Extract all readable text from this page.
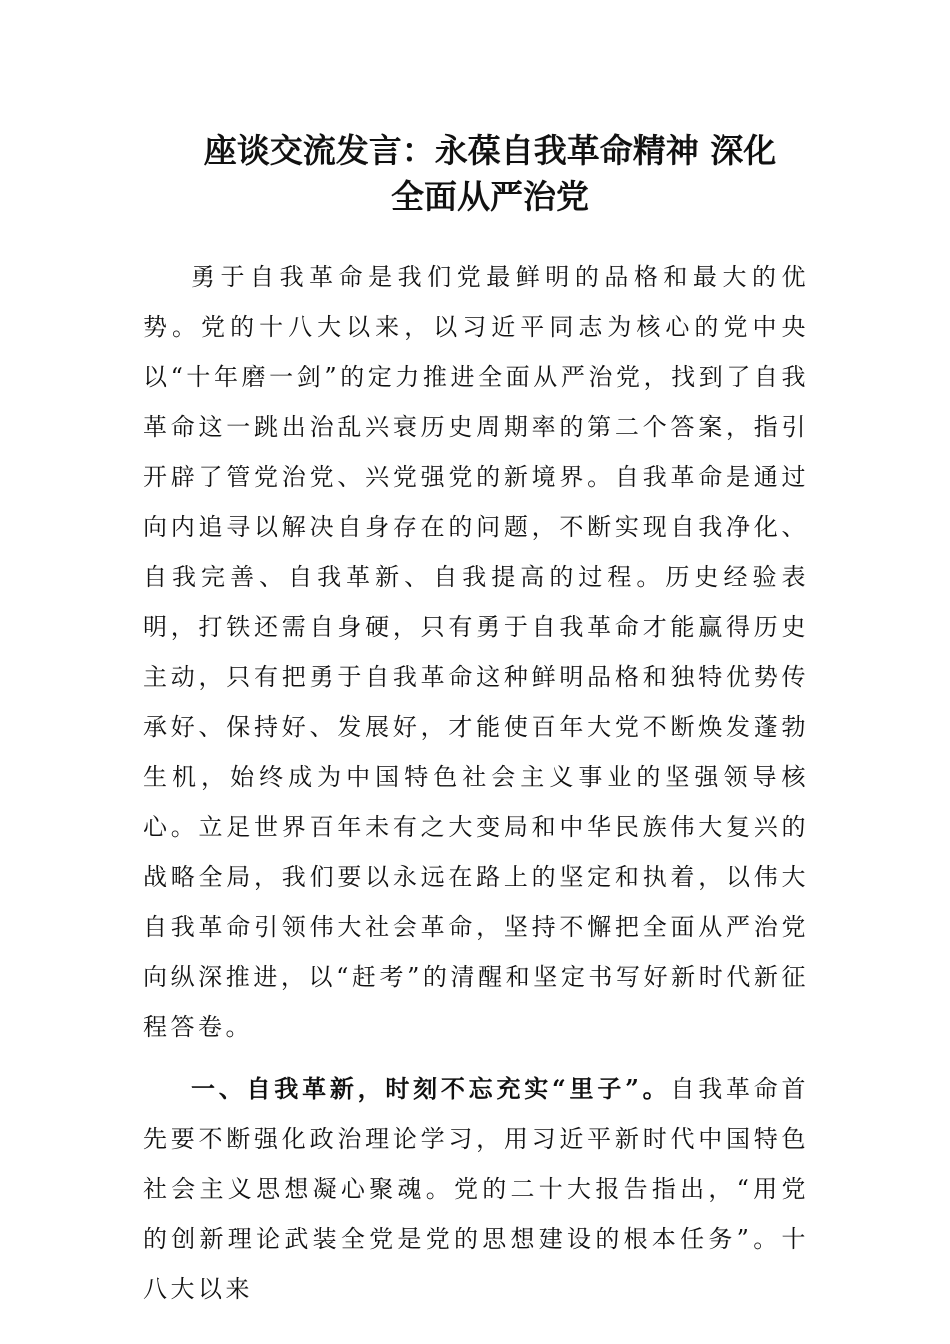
座谈交流发言：永葆自我革命精神 深化
全面从严治党

勇于自我革命是我们党最鲜明的品格和最大的优势。党的十八大以来，以习近平同志为核心的党中央以“十年磨一剑”的定力推进全面从严治党，找到了自我革命这一跳出治乱兴衰历史周期率的第二个答案，指引开辟了管党治党、兴党强党的新境界。自我革命是通过向内追寻以解决自身存在的问题，不断实现自我净化、自我完善、自我革新、自我提高的过程。历史经验表明，打铁还需自身硬，只有勇于自我革命才能赢得历史主动，只有把勇于自我革命这种鲜明品格和独特优势传承好、保持好、发展好，才能使百年大党不断焕发蓬勃生机，始终成为中国特色社会主义事业的坚强领导核心。立足世界百年未有之大变局和中华民族伟大复兴的战略全局，我们要以永远在路上的坚定和执着，以伟大自我革命引领伟大社会革命，坚持不懈把全面从严治党向纵深推进，以“赶考”的清醒和坚定书写好新时代新征程答卷。

一、自我革新，时刻不忘充实“里子”。自我革命首先要不断强化政治理论学习，用习近平新时代中国特色社会主义思想凝心聚魂。党的二十大报告指出，“用党的创新理论武装全党是党的思想建设的根本任务”。十八大以来
